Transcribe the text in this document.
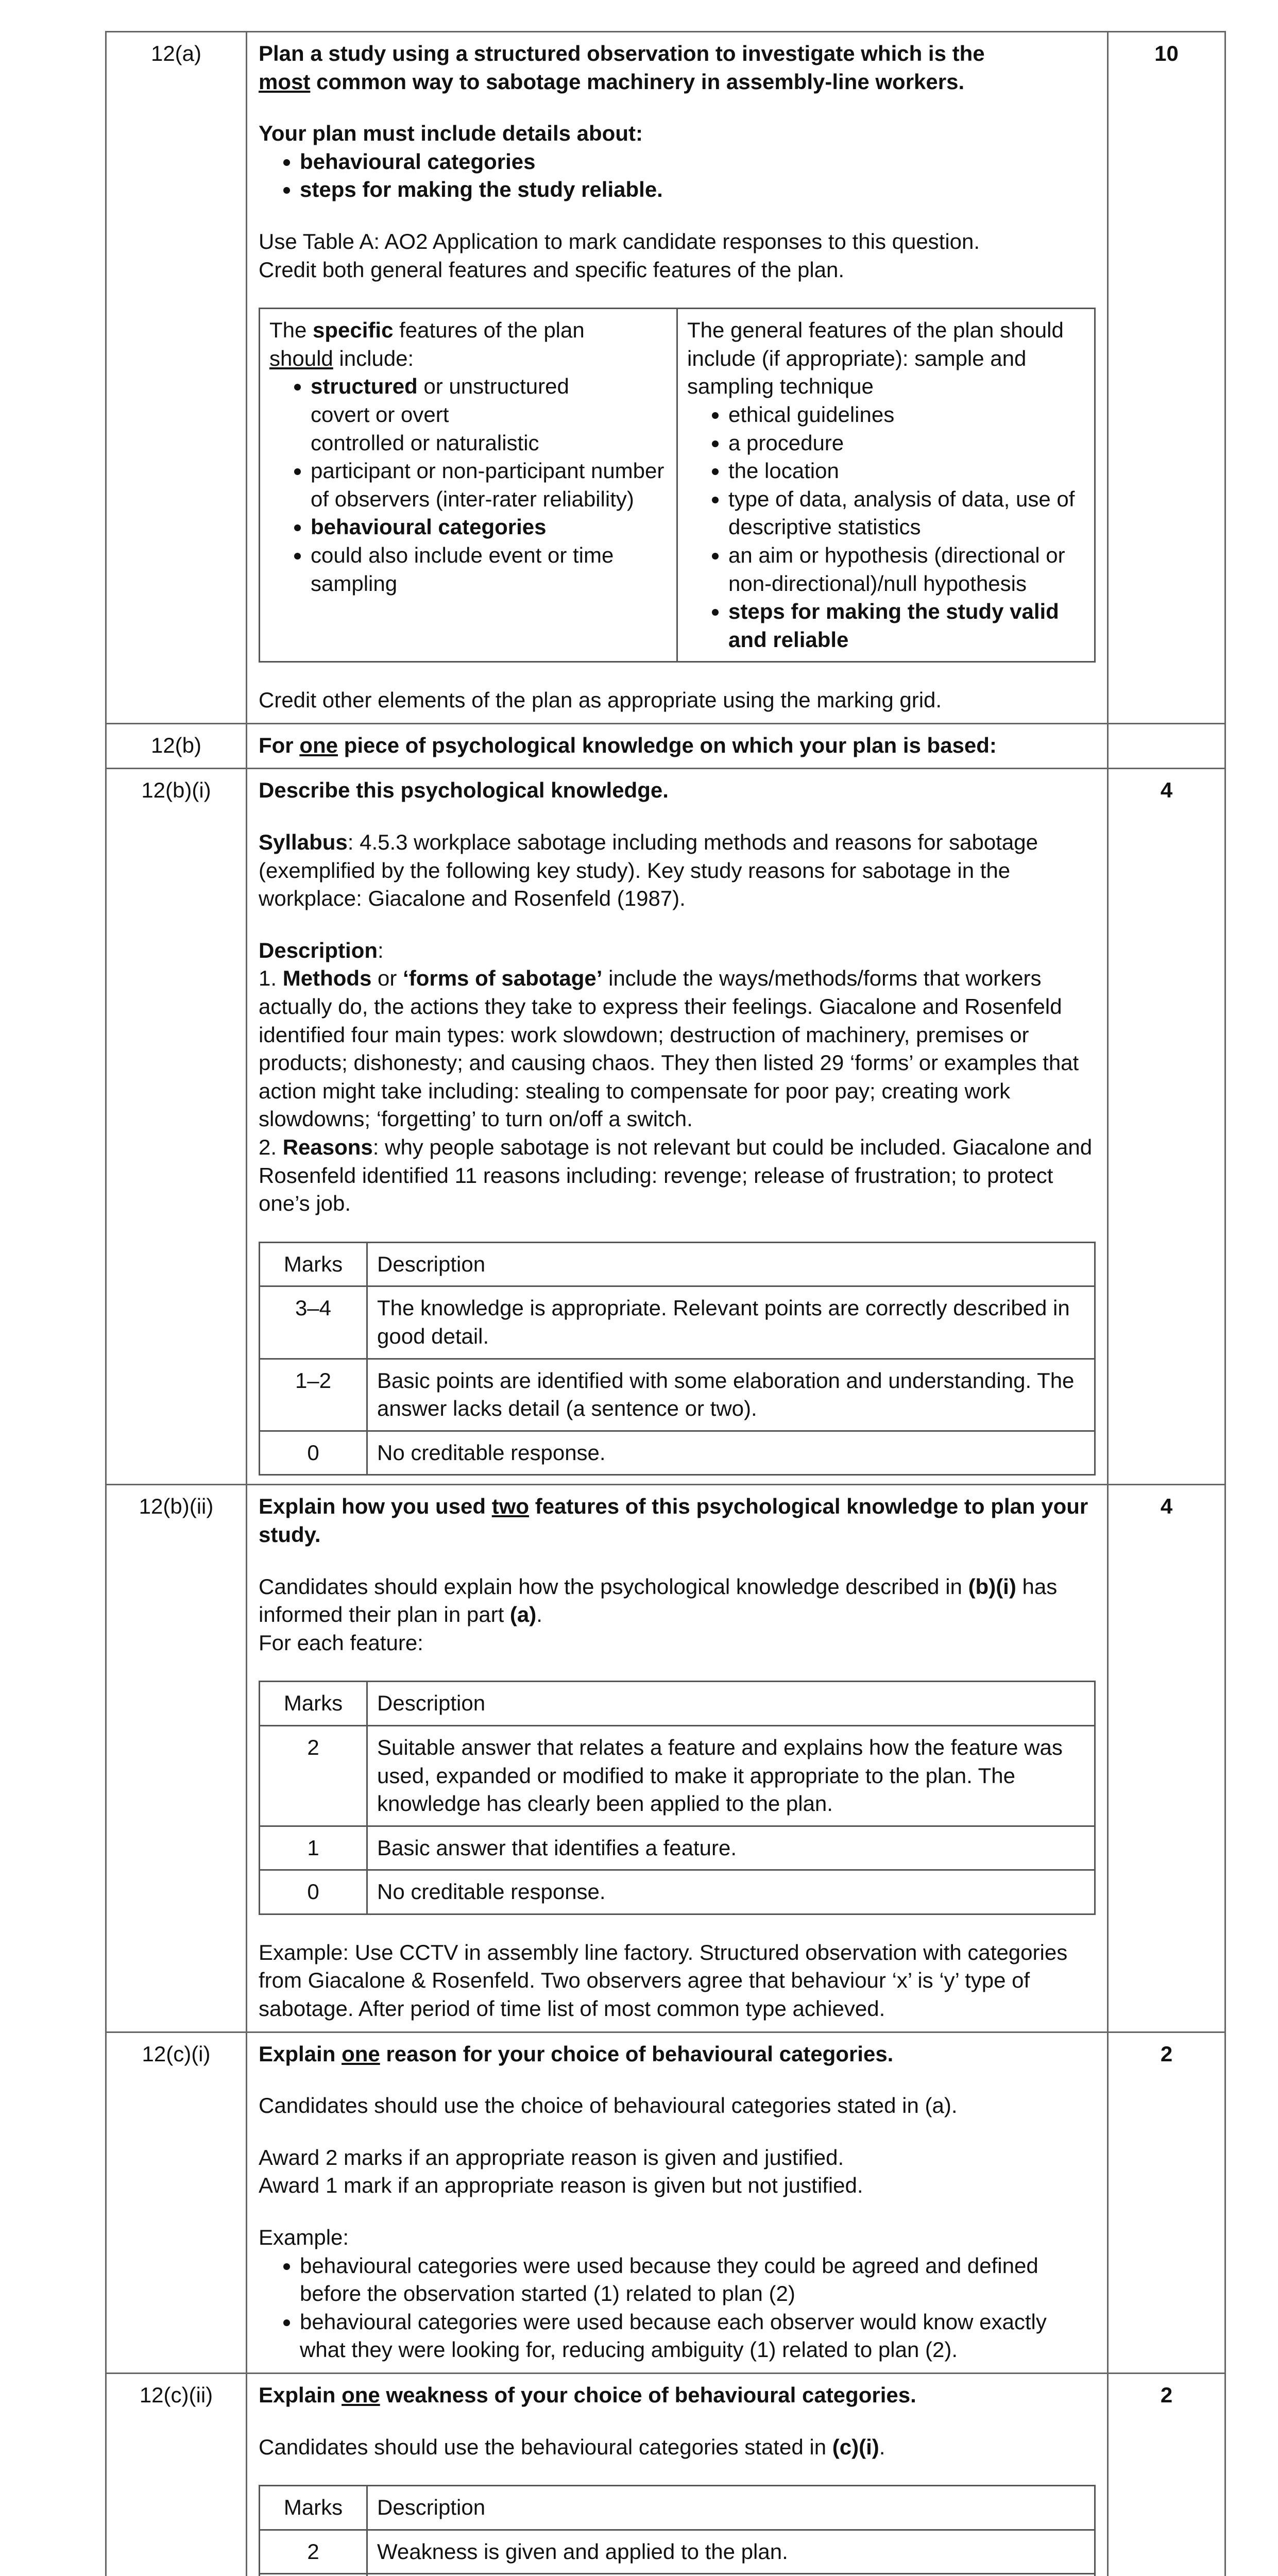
12(a)	Plan a study using a structured observation to investigate which is the
most common way to sabotage machinery in assembly-line workers.

Your plan must include details about:

• behavioural categories
• steps for making the study reliable.

Use Table A: AO2 Application to mark candidate responses to this question.
Credit both general features and specific features of the plan.

The specific features of the plan
should include:
• structured or unstructured
covert or overt
controlled or naturalistic
• participant or non-participant number of observers (inter-rater reliability)
• behavioural categories
• could also include event or time sampling

The general features of the plan should include (if appropriate): sample and sampling technique
• ethical guidelines
• a procedure
• the location
• type of data, analysis of data, use of descriptive statistics
• an aim or hypothesis (directional or non-directional)/null hypothesis
• steps for making the study valid and reliable

Credit other elements of the plan as appropriate using the marking grid.

	10
12(b)	For one piece of psychological knowledge on which your plan is based:

12(b)(i)	Describe this psychological knowledge.

Syllabus: 4.5.3 workplace sabotage including methods and reasons for sabotage (exemplified by the following key study). Key study reasons for sabotage in the workplace: Giacalone and Rosenfeld (1987).

Description:
1. Methods or ‘forms of sabotage’ include the ways/methods/forms that workers actually do, the actions they take to express their feelings. Giacalone and Rosenfeld identified four main types: work slowdown; destruction of machinery, premises or products; dishonesty; and causing chaos. They then listed 29 ‘forms’ or examples that action might take including: stealing to compensate for poor pay; creating work slowdowns; ‘forgetting’ to turn on/off a switch.

2. Reasons: why people sabotage is not relevant but could be included. Giacalone and Rosenfeld identified 11 reasons including: revenge; release of frustration; to protect one’s job.

Marks	Description
3–4	The knowledge is appropriate. Relevant points are correctly described in good detail.
1–2	Basic points are identified with some elaboration and understanding. The answer lacks detail (a sentence or two).
0	No creditable response.
	4
12(b)(ii)	Explain how you used two features of this psychological knowledge to plan your study.

Candidates should explain how the psychological knowledge described in (b)(i) has informed their plan in part (a).
For each feature:

Marks	Description
2	Suitable answer that relates a feature and explains how the feature was used, expanded or modified to make it appropriate to the plan. The knowledge has clearly been applied to the plan.
1	Basic answer that identifies a feature.
0	No creditable response.

Example: Use CCTV in assembly line factory. Structured observation with categories from Giacalone & Rosenfeld. Two observers agree that behaviour ‘x’ is ‘y’ type of sabotage. After period of time list of most common type achieved.

	4
12(c)(i)	Explain one reason for your choice of behavioural categories.

Candidates should use the choice of behavioural categories stated in (a).

Award 2 marks if an appropriate reason is given and justified.
Award 1 mark if an appropriate reason is given but not justified.

Example:
• behavioural categories were used because they could be agreed and defined before the observation started (1) related to plan (2)
• behavioural categories were used because each observer would know exactly what they were looking for, reducing ambiguity (1) related to plan (2).
	2
12(c)(ii)	Explain one weakness of your choice of behavioural categories.

Candidates should use the behavioural categories stated in (c)(i).

Marks	Description
2	Weakness is given and applied to the plan.

	2
